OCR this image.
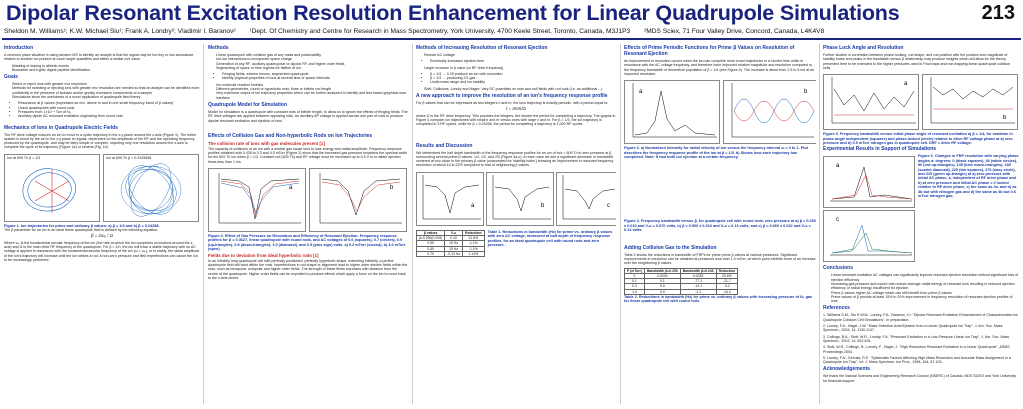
Dipolar Resonant Excitation Resolution Enhancement for Linear Quadrupole Simulations	213
Sheldon M. Williams¹; K.W. Michael Siu¹; Frank A. Londry²; Vladimir I. Baranov² ¹Dept. Of Chemistry and Centre for Research in Mass Spectrometry, York University, 4700 Keele Street, Toronto, Canada, M3J1P3 ²MDS Sciex, 71 Four Valley Drive, Concord, Canada, L4K4V8
Introduction

A common place situation in using tandem MS to identify an analyte is that the signal may be too tiny or low abundance relative to another ion present at much larger quantities and within a similar m/z value.

• Masking of doping in athletic events
• Biomarker and tryptic digest peptide identification
Goals
• Select or reject ions with greater m/z resolution
• Methods for selecting or ejecting ions with greater m/z resolution are needed so that an analyte can be identified more confidently in the presence of isobaric and/or greatly excessive components of a sample
• Simulations show the usefulness of a novel application of quadrupole field theory
• Resonance at β values (expressed as m/z, above m and in one small frequency band of β values)
• Linear quadrupoles with round rods
• Pressures from 1×10⁻⁴ Torr of N₂
• Auxiliary dipole AC resonant excitation originating from round rods
Mechanics of Ions in Quadrupole Electric Fields

The RF drive voltage induces an ion to move in a cyclic trajectory in the x-y plane around the z-axis (Figure 1). The entire system is tuned by the ion in the x-y plane is regular, dependent on the amplitude of the RF and the operating frequency produced by the quadrupole, and may be fairly simple or complex, requiring only one resolution around the z-axis to complete the cycle of its trajectory (Figure 1a) or several (Fig. 1b).

Ion at 609 Th β = 1/3	Ion at 609 Th β = 0.2425958
Figure 1. Ion trajectories for prime and ordinary β values: a) β = 1/3 and b) β = 0.24258.

The β parameter for an ion in an ideal linear quadrupole field is defined by the following equation:

β = 2ωᵤ / Ω

Where ωᵤ is the fundamental secular frequency of the ion (the rate at which the ion completes revolutions around the z-axis) and Ω is the main drive RF frequency of the quadrupole. For β = 1/n, the ion will trace a stable trajectory with no AC voltage is applied in resonance with the fundamental secular frequency of the ion (ω = ωᵤ), or is stably, the radial amplitude of the ion's trajectory will increase until the ion strikes a rod. A non-zero pressure and field imperfections can cause the ion to be increasingly perturbed.

Methods
• Linear quadrupole with collision gas of any mass and polarizability
• Ion-ion interactions to incorporate space charge
• Generation of any RF, auxiliary quadrupolar or dipolar RF, and higher order fields
• Segmenting of space or time regions for flatline of ion
• Fringing fields, exterior lenses, segmented quadrupole
• Identify physical properties of ions at several time or space intervals
• Ion molecule reaction kinetics
• Different geometries, round or hyperbolic rods, finite or infinite rod length
• Very extensive output of ion trajectory properties which can be further analyzed to identify and test based graphical user interface
Quadrupole Model for Simulation

Model for simulation is a quadrupole with constant rods of infinite length, to allow us to ignore the effects of fringing fields. The RF drive voltages are applied between opposing rods. An auxiliary AP voltage is applied across one pair of rods to produce dipolar resonant excitation and ejection of ions.

Effects of Collision Gas and Non-hyperbolic Rods on Ion Trajectories
The collision rate of ions with gas molecules present [1]

The capacity of collisions of an ion with a neutral gas cause ions to lose energy and radial amplitude. Frequency response profiles obtained with 0.428 to 0.3 and 4.0 mTorr (Figure 2) show that the increased gas pressure broadens the spectral width for the 609 Th ion when β = 1/3. Constant rod (609 Th) and RF voltage must be increased up to 0.9 V to re-attain ejection times less than 1 ms.

a	b
Figure 2. Effect of Gas Pressure on Resolution and Efficiency of Resonant Ejection. Frequency response profiles for β = 0.3627, linear quadrupole with round rods, and AC voltages of 0.6 (squares), 0.7 (circles), 0.9 (up-triangles), 0.8 (down-triangles), 1.0 (diamond), and 0.9 (plus sign) volts. a) 0.2 mTorr (closed), b) 4.0 mTorr (open).
Fields due to deviation from ideal hyperbolic rods [1]

In an infinitely long quadrupole cell with perfectly positioned, perfectly hyperbolic shape, extending infinitely, a perfect quadrupole field will exist within the rods. Imperfections in rod shape or alignment lead to higher order electric fields within the rods, such as hexapolar, octopolar and higher order fields. The strength of these fields increases with distance from the centre of the quadrupole. Higher order fields can be exploited to produce effects which apply a force on the ion to move back to the z-axis centre.

Methods of Increasing Resolution of Resonant Ejection
• Reduce AC voltage
• Eventually increases ejection time
• Larger increase in β value (or RF drive frequency)
• β = 1/4 → 0.25 produce an ion with resolution
• β = 1/3 → producing 2/1 gas ...
• Limits mass range and ion stability
• Shift, Collisions, Londry and Hager: Vary DC potentials on rods and null fields with rod rods (I.e. an additional ...)
A new approach to improve the resolution of an ion's frequency response profile

For β values that can be expressed as two integers n and m, the ions trajectory is exactly periodic, with a period equal to:

t = 4πm/Ω

where Ω is the RF drive frequency. This provides the integers, the shorter the period for completing a trajectory. The graphs in Figure 4 compare ion trajectories with small n and m versus ones with large n and m. For β = 1/3, the ion trajectory is completed in 3 RF cycles, while for β = 0.24258, the period for completing a trajectory is 1,000 RF cycles.

Results and Discussion

We determined the half depth bandwidth of the frequency response profiles for an ion of m/z = 609 Th in zero pressure at β surrounding several prime β values: 1/4, 1/2, and 2/3 (Figure 4a-c). In each case we see a significant decrease in bandwidth centered at m/z close to the primary β value (unaccepted for 'stability holes') showing an improvement in resonant frequency resolution of about 14 to 22% compared to that of neighboring β values.

a	b	c
β values	Vₐc	Reduction
β=0.250(0.005)	0.40	21.5%
0.50	15 Hz	-1.1%
0.60	15 Hz	-1.1%
0.70	-0.13 Hz	1.14%
Table 1. Reductions in bandwidth (Hz) for prime vs. ordinary β values with zero AC voltage, measured at half depth of frequency response profiles, for an ideal quadrupole cell with round rods and zero pressure.
Effects of Prime Periodic Functions for Prime β Values on Resolution of Resonant Ejection

An improvement in resolution occurs when the ion can complete more exact trajectories in a shorter time while in resonance with the AC voltage frequency, and therefore have improved relative magnitude and resolution compared to the frequency bandwidth of theoretical population of β = 1/4 (see Figure 4). The increase is about from 2.5 to 5 ms at an improved resolution.

a	b
Figure 3. a) Normalized intensity for radial velocity of ion versus the frequency interval ω = 0 to 1. Plot describes the frequency response profile of the ion at β = 1/3. b) Shows how each trajectory has completed. Note: It had both ion ejection at a certain frequency.
Figure 4. Frequency bandwidth versus β, for quadrupole cell with round rods, zero pressure at a) β = 0.250 ± 0.010 and Vₐc = 0.070 volts, b) β = 0.500 ± 0.013 and Vₐc = 0.13 volts, and c) β = 0.666 ± 0.022 and Vₐc = 0.13 volts.
Adding Collision Gas to the Simulation

Table 2 shows the reductions in bandwidth of FRPs for prime prime β values at various pressures. Significant improvements in resolution can be obtained at pressures less than 1.4 mTorr, at which point exhibits more of an increase over the neighboring β values.

P (mTorr)	Bandwidth β=0.250	Bandwidth β=0.245	Reduction
0	0.0200	0.0252	20.6%
0.1	0.1	-77.1	-21.7
0.3	5.0	-14.1	-3.2
1.4	0.0	-1.1	-14.4
Table 2. Reductions in bandwidth (Hz) for prime vs. ordinary β values with increasing pressure of N₂ gas for linear quadrupole cell with round rods.
Phase Lock Angle and Resolution

Further studies in correlation between phase-locking, rod shape, and rod position with the position and magnitude of stability holes and peaks in the bandwidth versus β relationship may produce insights which will allow for the theory presented here to be extended to the higher pressures used in Paul traps and non-trapping linear quadrupole collision cells.

a
b
Figure 5. Frequency bandwidth versus initial phase angle of resonant excitation a) β = 1/4, for variation in phase angle independent (squares) and phase-locked (circle) relative to drive RF voltage phase at a) zero pressure and b) 0.6 mTorr nitrogen gas in quadrupole cell. DRF = drive RF voltage.
Experimental Results in Support of Simulations
a
c
Figure 6. Changes in FRP resolution with varying phase angles a: degrees; 0 (black squares), 46 (white circles), 90 (red up-triangles), 135 (blue down-triangles), 180 (scarlet diamond), 225 (tan squares), 270 (navy circle), and 315 (green up-triangle) at a) zero pressure with initial AC phase, a, independent of RF drive phase and b) at zero pressure and initial AC phase = 0 locked relative to RF drive phase, c) the same as 4a, and d) as 4b but with nitrogen gas and d) the same as 4b but 0.6 mTorr nitrogen gas.
Conclusions
• Linear resonant excitation AC voltages can significantly improve resonant ejection resolution without significant loss of ejection efficiency
• Increasing gas pressure and round rods reduce average radial energy of resonant ions resulting in reduced ejection efficiency or radial energy insufficient for ejection
• Prime β values higher AC voltage which can still benefit from prime β values
• Prime values of β provide at least 15% to 20% improvement in frequency resolution of resonant ejection profiles of ions
References

1. Williams S.M., Siu K.W.M., Londry, F.A., Baranov, V.I. "Dipolar Resonant Excitation Enhancement of Characterization for Quadrupole Collision Cell Simulations", in preparation.

2. Londry, F.A.; Hager, J.W. "Mass Selective Axial Ejection from a Linear Quadrupole Ion Trap", J. Am. Soc. Mass Spectrom., 2003, 14, 1130-1147.

3. Collings, B.A.; Stott, W.R.; Londry, F.A. "Resonant Excitation in a Low-Pressure Linear Ion Trap", J. Am. Soc. Mass Spectrom., 2003, 14, 622-634.

4. Stott, W.R., Collings, B., Londry, F., Hager, J. "High Resolution Resonant Excitation in a Linear Quadrupole", ASMS Proceedings 2004.

5. Londry, F.A.; Gervais, R.E. "Systematic Factors Affecting High Mass Resolution and Accurate Mass Assignment in a Quadrupole Ion Trap", Int. J. Mass Spectrom. Ion Proc., 1998, 164, 87-103.

Acknowledgements

We thank the Natural Sciences and Engineering Research Council (NSERC) of Canada, MDS SCIEX and York University for financial support.
